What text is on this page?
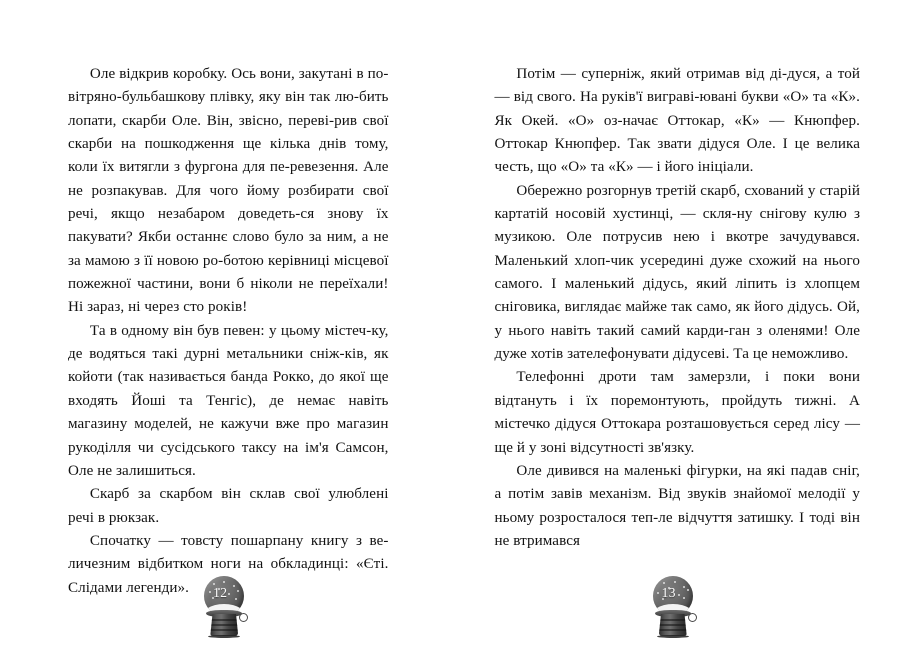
Оле відкрив коробку. Ось вони, закутані в по-вітряно-бульбашкову плівку, яку він так лю-бить лопати, скарби Оле. Він, звісно, переві-рив свої скарби на пошкодження ще кілька днів тому, коли їх витягли з фургона для пе-ревезення. Але не розпакував. Для чого йому розбирати свої речі, якщо незабаром доведеть-ся знову їх пакувати? Якби останнє слово було за ним, а не за мамою з її новою ро-ботою керівниці місцевої пожежної частини, вони б ніколи не переїхали! Ні зараз, ні через сто років!

Та в одному він був певен: у цьому містеч-ку, де водяться такі дурні метальники сніж-ків, як койоти (так називається банда Рокко, до якої ще входять Йоші та Тенгіс), де немає навіть магазину моделей, не кажучи вже про магазин рукоділля чи сусідського таксу на ім'я Самсон, Оле не залишиться.

Скарб за скарбом він склав свої улюблені речі в рюкзак.

Спочатку — товсту пошарпану книгу з ве-личезним відбитком ноги на обкладинці: «Єті. Слідами легенди».	12

Потім — суперніж, який отримав від ді-дуся, а той — від свого. На руків'ї виграві-ювані букви «О» та «К». Як Окей. «О» оз-начає Оттокар, «К» — Кнюпфер. Оттокар Кнюпфер. Так звати дідуся Оле. І це велика честь, що «О» та «К» — і його ініціали.

Обережно розгорнув третій скарб, схований у старій картатій носовій хустинці, — скля-ну снігову кулю з музикою. Оле потрусив нею і вкотре зачудувався. Маленький хлоп-чик усередині дуже схожий на нього самого. І маленький дідусь, який ліпить із хлопцем сніговика, виглядає майже так само, як його дідусь. Ой, у нього навіть такий самий карди-ган з оленями! Оле дуже хотів зателефонувати дідусеві. Та це неможливо.

Телефонні дроти там замерзли, і поки вони відтануть і їх поремонтують, пройдуть тижні. А містечко дідуся Оттокара розташовується серед лісу — ще й у зоні відсутності зв'язку.

Оле дивився на маленькі фігурки, на які падав сніг, а потім завів механізм. Від звуків знайомої мелодії у ньому розросталося теп-ле відчуття затишку. І тоді він не втримався

13
